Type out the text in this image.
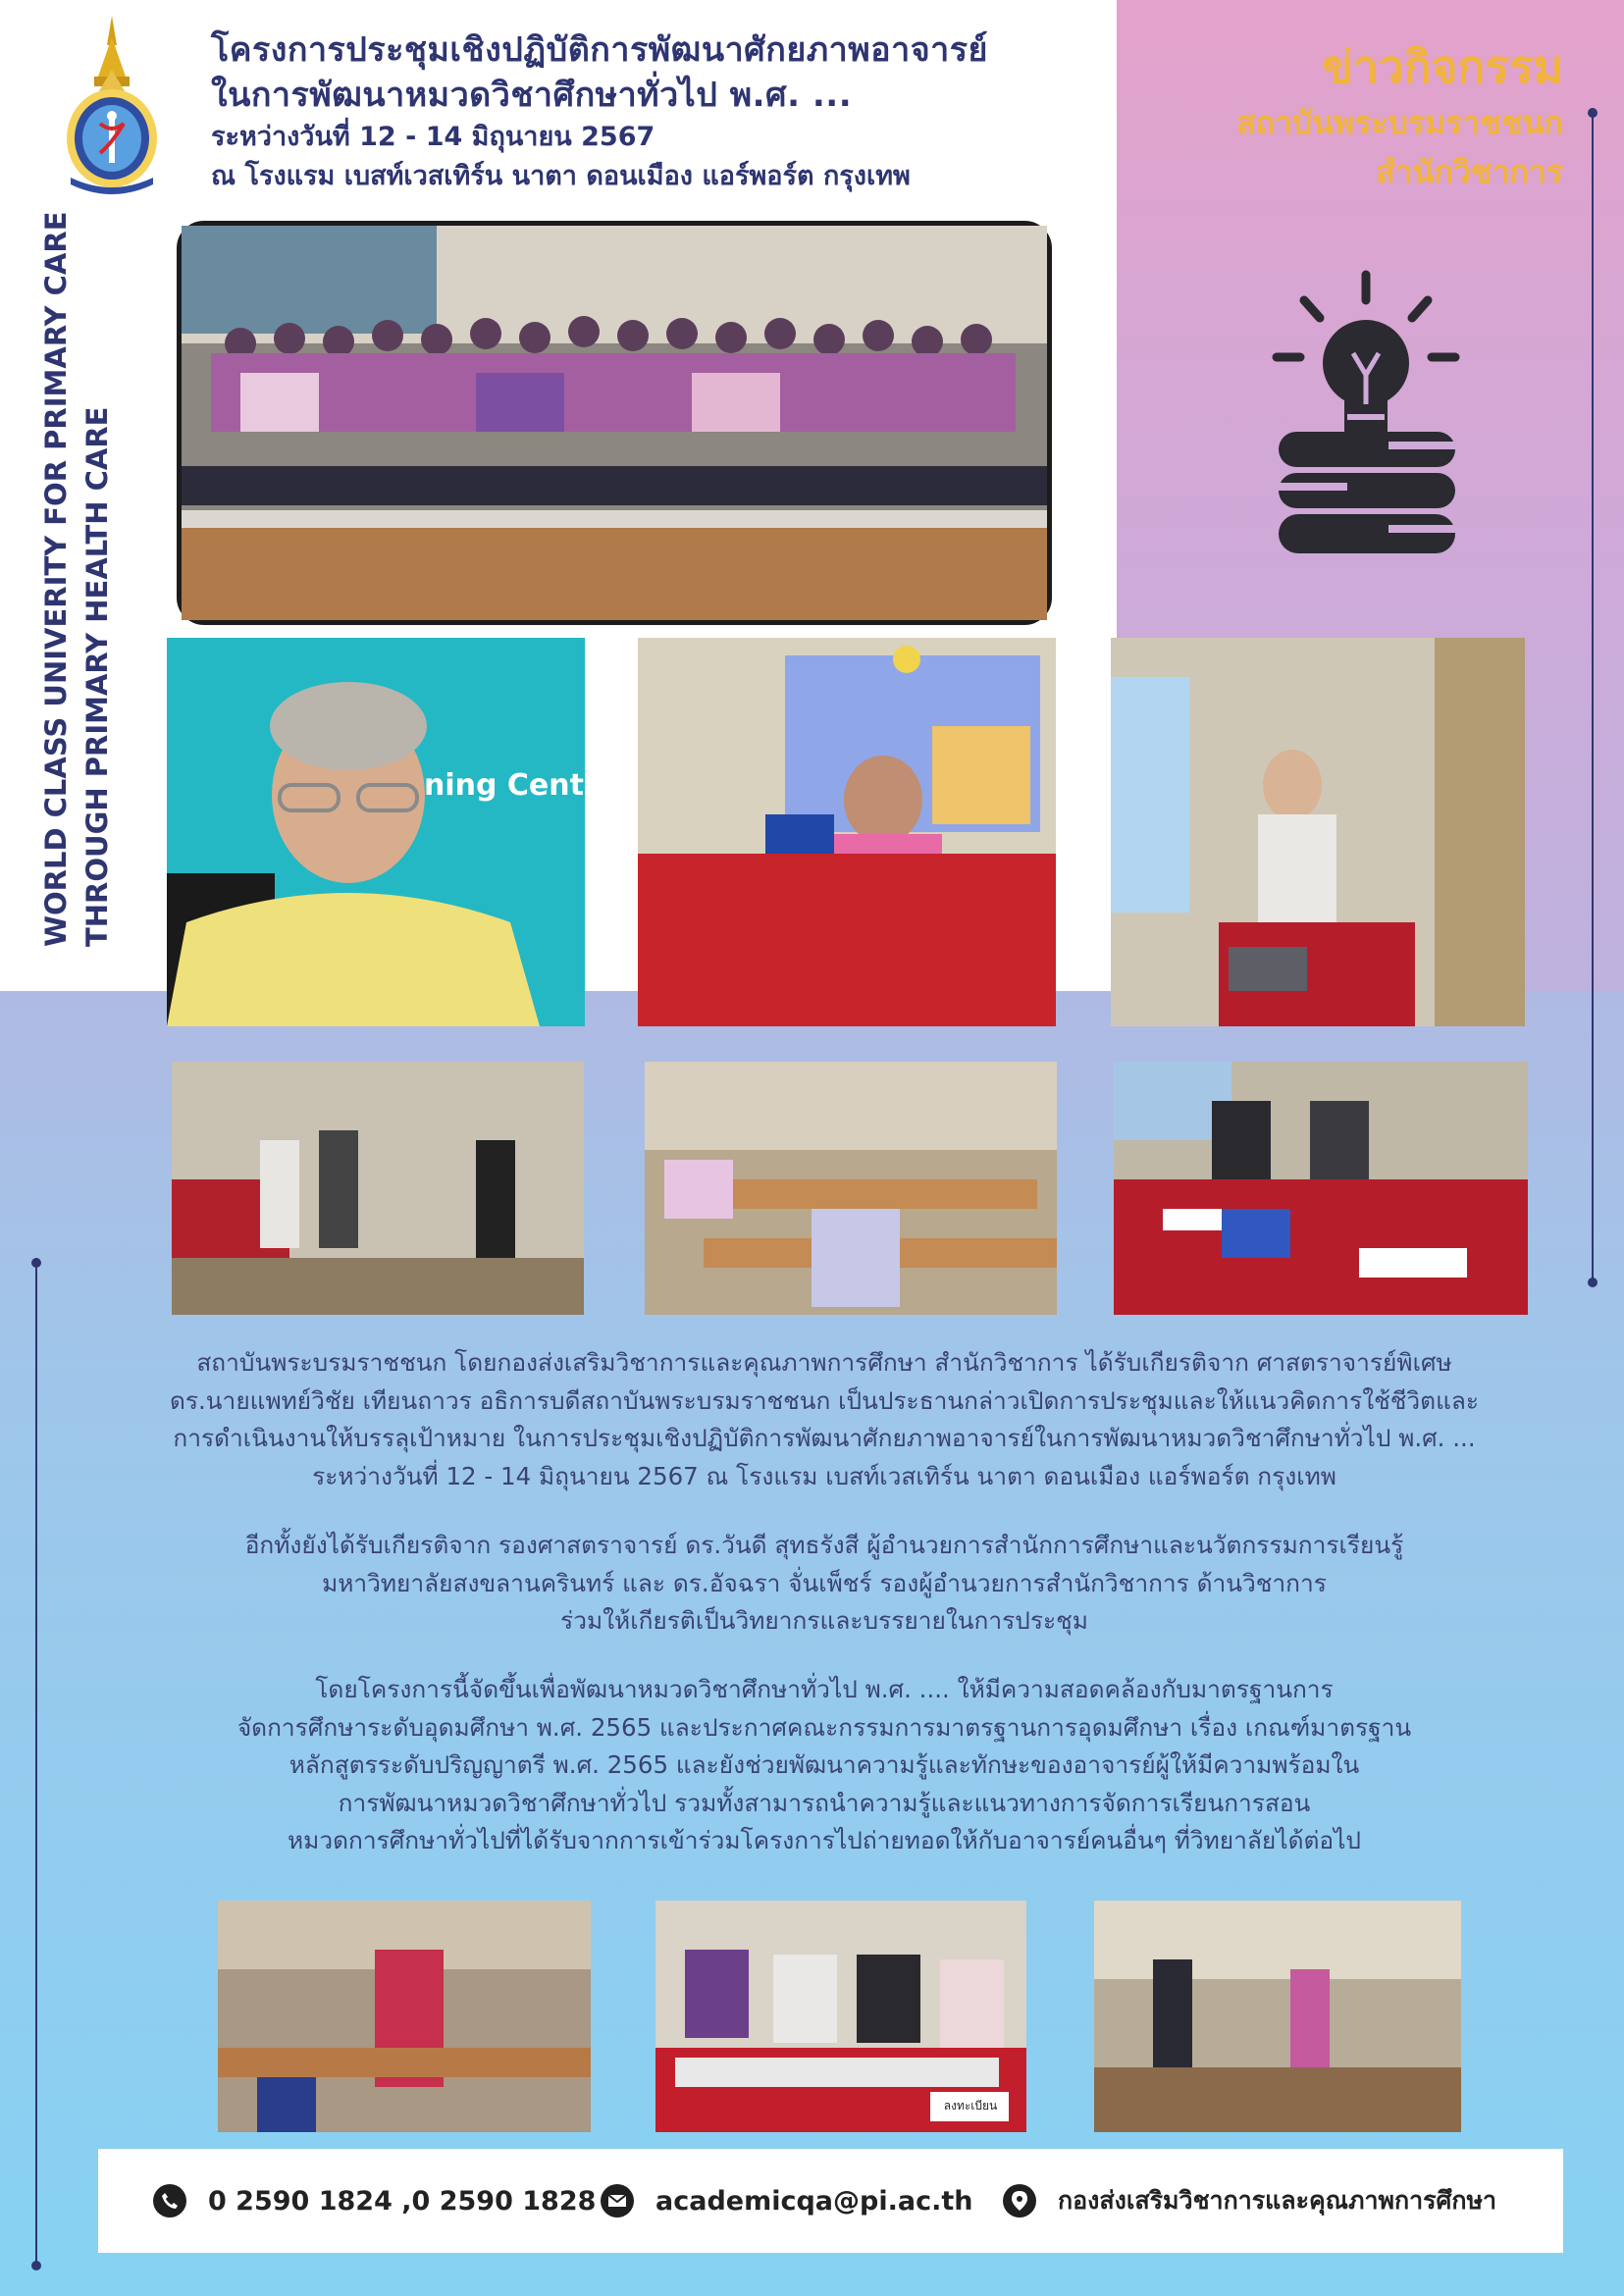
โครงการประชุมเชิงปฏิบัติการพัฒนาศักยภาพอาจารย์
ในการพัฒนาหมวดวิชาศึกษาทั่วไป พ.ศ. ...
ระหว่างวันที่ 12 - 14 มิถุนายน 2567
ณ โรงแรม เบสท์เวสเทิร์น นาตา ดอนเมือง แอร์พอร์ต กรุงเทพ
ข่าวกิจกรรม
สถาบันพระบรมราชชนก
สำนักวิชาการ
WORLD CLASS UNIVERITY FOR PRIMARY CARE THROUGH PRIMARY HEALTH CARE	ning Center
สถาบันพระบรมราชชนก โดยกองส่งเสริมวิชาการและคุณภาพการศึกษา สำนักวิชาการ ได้รับเกียรติจาก ศาสตราจารย์พิเศษ
ดร.นายแพทย์วิชัย เทียนถาวร อธิการบดีสถาบันพระบรมราชชนก เป็นประธานกล่าวเปิดการประชุมและให้แนวคิดการใช้ชีวิตและ
การดำเนินงานให้บรรลุเป้าหมาย ในการประชุมเชิงปฏิบัติการพัฒนาศักยภาพอาจารย์ในการพัฒนาหมวดวิชาศึกษาทั่วไป พ.ศ. ...
ระหว่างวันที่ 12 - 14 มิถุนายน 2567 ณ โรงแรม เบสท์เวสเทิร์น นาตา ดอนเมือง แอร์พอร์ต กรุงเทพ
อีกทั้งยังได้รับเกียรติจาก รองศาสตราจารย์ ดร.วันดี สุทธรังสี ผู้อำนวยการสำนักการศึกษาและนวัตกรรมการเรียนรู้
มหาวิทยาลัยสงขลานครินทร์ และ ดร.อัจฉรา จั่นเพ็ชร์ รองผู้อำนวยการสำนักวิชาการ ด้านวิชาการ
ร่วมให้เกียรติเป็นวิทยากรและบรรยายในการประชุม
โดยโครงการนี้จัดขึ้นเพื่อพัฒนาหมวดวิชาศึกษาทั่วไป พ.ศ. .... ให้มีความสอดคล้องกับมาตรฐานการ
จัดการศึกษาระดับอุดมศึกษา พ.ศ. 2565 และประกาศคณะกรรมการมาตรฐานการอุดมศึกษา เรื่อง เกณฑ์มาตรฐาน
หลักสูตรระดับปริญญาตรี พ.ศ. 2565 และยังช่วยพัฒนาความรู้และทักษะของอาจารย์ผู้ให้มีความพร้อมใน
การพัฒนาหมวดวิชาศึกษาทั่วไป รวมทั้งสามารถนำความรู้และแนวทางการจัดการเรียนการสอน
หมวดการศึกษาทั่วไปที่ได้รับจากการเข้าร่วมโครงการไปถ่ายทอดให้กับอาจารย์คนอื่นๆ ที่วิทยาลัยได้ต่อไป
ลงทะเบียน
0 2590 1824 ,0 2590 1828 academicqa@pi.ac.th	กองส่งเสริมวิชาการและคุณภาพการศึกษา
